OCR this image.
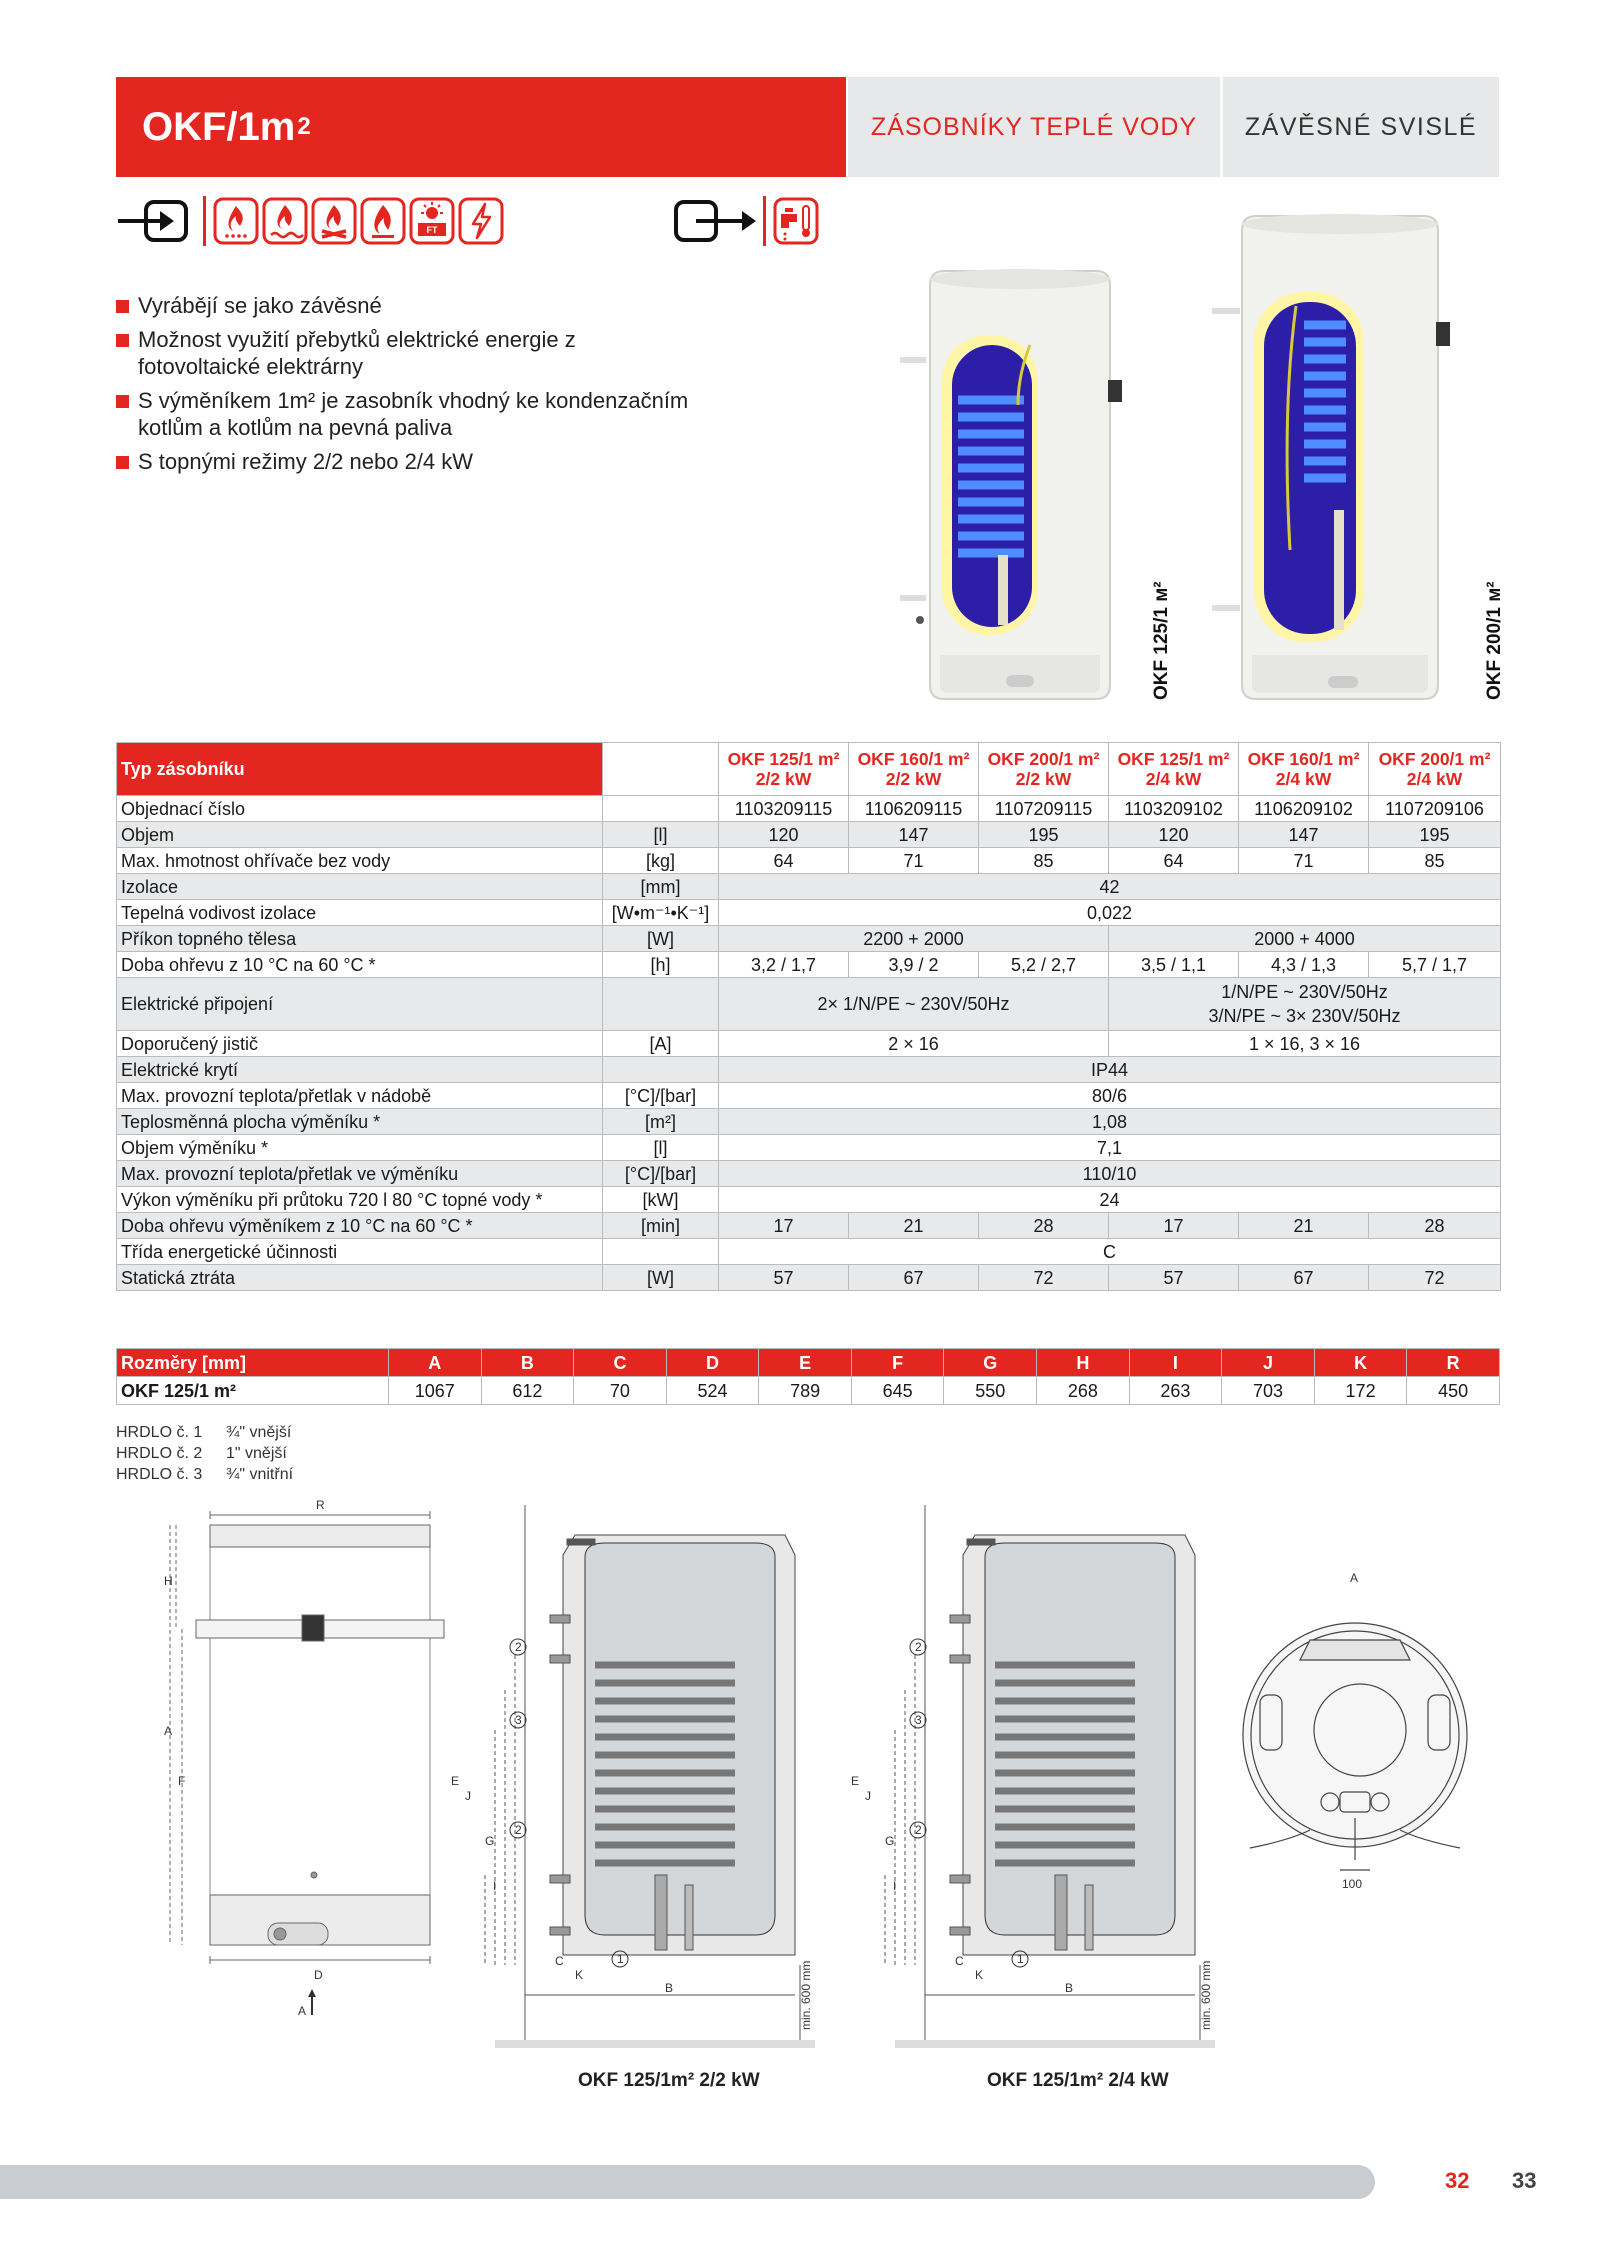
OKF/1m 2	ZÁSOBNÍKY TEPLÉ VODY	ZÁVĚSNÉ SVISLÉ
FT
Vyrábějí se jako závěsné
Možnost využití přebytků elektrické energie z fotovoltaické elektrárny
S výměníkem 1m² je zasobník vhodný ke kondenzačním kotlům a kotlům na pevná paliva
S topnými režimy 2/2 nebo 2/4 kW
OKF 125/1 м²	OKF 200/1 м²
Typ zásobníku		OKF 125/1 m² 2/2 kW	OKF 160/1 m² 2/2 kW	OKF 200/1 m² 2/2 kW	OKF 125/1 m² 2/4 kW	OKF 160/1 m² 2/4 kW	OKF 200/1 m² 2/4 kW
Objednací číslo		1103209115	1106209115	1107209115	1103209102	1106209102	1107209106
Objem	[l]	120	147	195	120	147	195
Max. hmotnost ohřívače bez vody	[kg]	64	71	85	64	71	85
Izolace	[mm]	42					
Tepelná vodivost izolace	[W•m⁻¹•K⁻¹]	0,022					
Příkon topného tělesa	[W]	2200 + 2000			2000 + 4000		

Doba ohřevu z 10 °C na 60 °C *	[h]	3,2 / 1,7	3,9 / 2	5,2 / 2,7	3,5 / 1,1	4,3 / 1,3	5,7 / 1,7
Elektrické připojení		2× 1/N/PE ~ 230V/50Hz			1/N/PE ~ 230V/50Hz
3/N/PE ~ 3× 230V/50Hz		

Doporučený jistič	[A]	2 × 16			1 × 16, 3 × 16		

Elektrické krytí		IP44					
Max. provozní teplota/přetlak v nádobě	[°C]/[bar]	80/6					
Teplosměnná plocha výměníku *	[m²]	1,08					
Objem výměníku *	[l]	7,1					
Max. provozní teplota/přetlak ve výměníku	[°C]/[bar]	110/10					
Výkon výměníku při průtoku 720 l 80 °C topné vody *	[kW]	24					
Doba ohřevu výměníkem z 10 °C na 60 °C *	[min]	17	21	28	17	21	28
Třída energetické účinnosti		C					
Statická ztráta	[W]	57	67	72	57	67	72
Rozměry [mm]	A	B	C	D	E	F	G	H	I	J	K	R
OKF 125/1 m²	1067	612	70	524	789	645	550	268	263	703	172	450
HRDLO č. 1 ¾" vnější
HRDLO č. 2 1" vnější
HRDLO č. 3 ¾" vnitřní
R
H
A
F
D
A
2
3
2
1
E
J
G
I
C
K
B	min. 600 mm
2
3
2
1
E
J
G
I
C
K
B	min. 600 mm
A
100
OKF 125/1m² 2/2 kW	OKF 125/1m² 2/4 kW
32 33
